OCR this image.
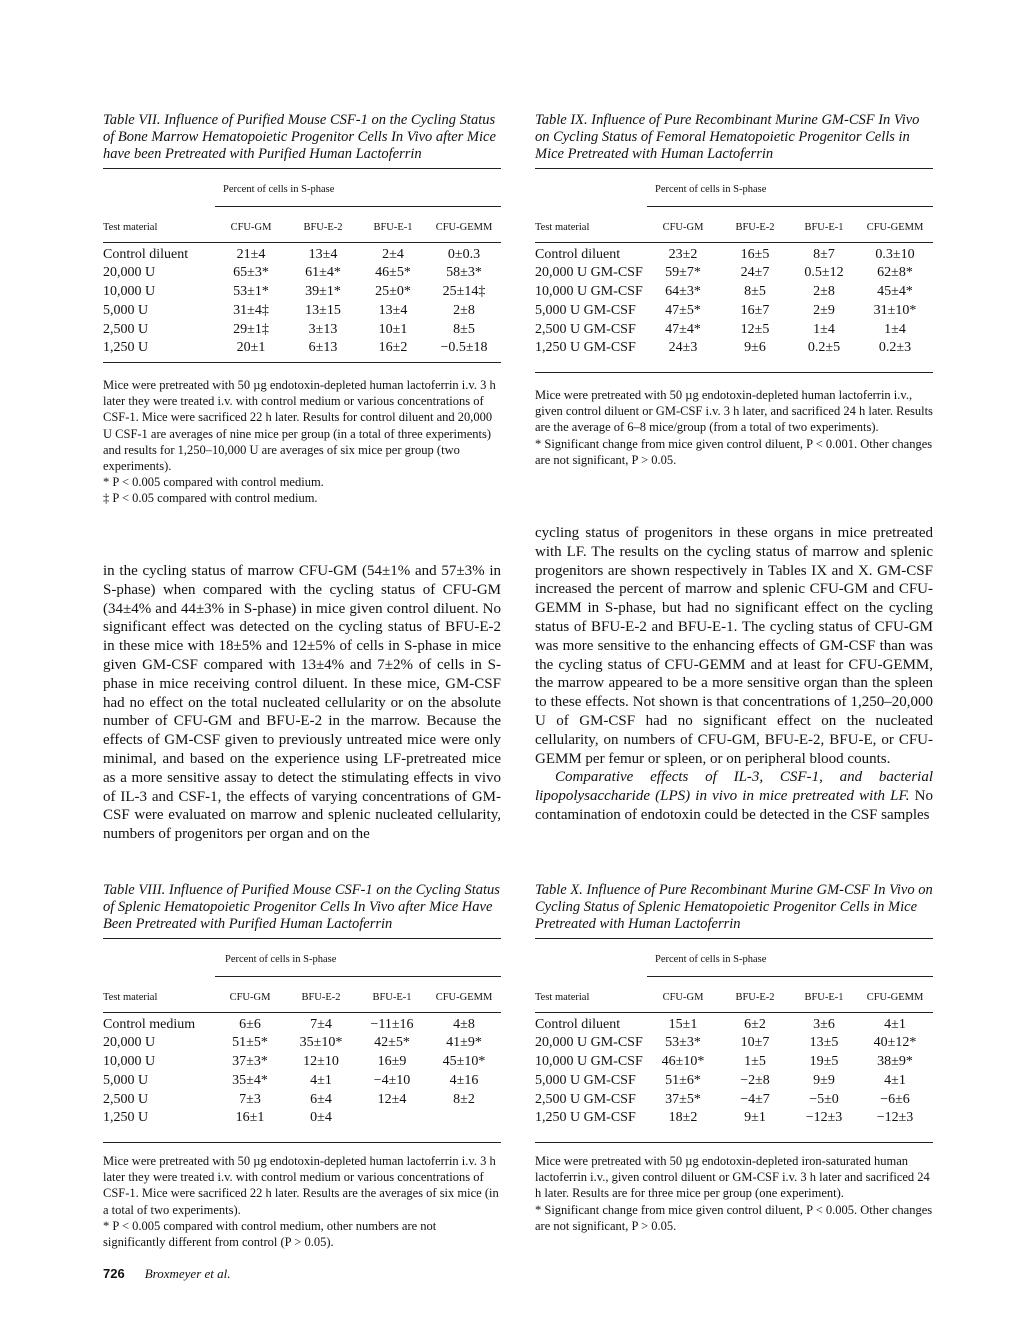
Table VII. Influence of Purified Mouse CSF-1 on the Cycling Status of Bone Marrow Hematopoietic Progenitor Cells In Vivo after Mice have been Pretreated with Purified Human Lactoferrin
	Percent of cells in S-phase			

Test material	CFU-GM	BFU-E-2	BFU-E-1	CFU-GEMM

Control diluent	21±4	13±4	2±4	0±0.3
20,000 U	65±3*	61±4*	46±5*	58±3*
10,000 U	53±1*	39±1*	25±0*	25±14‡
5,000 U	31±4‡	13±15	13±4	2±8
2,500 U	29±1‡	3±13	10±1	8±5
1,250 U	20±1	6±13	16±2	−0.5±18

Mice were pretreated with 50 µg endotoxin-depleted human lactoferrin i.v. 3 h later they were treated i.v. with control medium or various concentrations of CSF-1. Mice were sacrificed 22 h later. Results for control diluent and 20,000 U CSF-1 are averages of nine mice per group (in a total of three experiments) and results for 1,250–10,000 U are averages of six mice per group (two experiments).

* P < 0.005 compared with control medium.

‡ P < 0.05 compared with control medium.

Table IX. Influence of Pure Recombinant Murine GM-CSF In Vivo on Cycling Status of Femoral Hematopoietic Progenitor Cells in Mice Pretreated with Human Lactoferrin
	Percent of cells in S-phase			

Test material	CFU-GM	BFU-E-2	BFU-E-1	CFU-GEMM

Control diluent	23±2	16±5	8±7	0.3±10
20,000 U GM-CSF	59±7*	24±7	0.5±12	62±8*
10,000 U GM-CSF	64±3*	8±5	2±8	45±4*
5,000 U GM-CSF	47±5*	16±7	2±9	31±10*
2,500 U GM-CSF	47±4*	12±5	1±4	1±4
1,250 U GM-CSF	24±3	9±6	0.2±5	0.2±3

Mice were pretreated with 50 µg endotoxin-depleted human lactoferrin i.v., given control diluent or GM-CSF i.v. 3 h later, and sacrificed 24 h later. Results are the average of 6–8 mice/group (from a total of two experiments).

* Significant change from mice given control diluent, P < 0.001. Other changes are not significant, P > 0.05.

in the cycling status of marrow CFU-GM (54±1% and 57±3% in S-phase) when compared with the cycling status of CFU-GM (34±4% and 44±3% in S-phase) in mice given control diluent. No significant effect was detected on the cycling status of BFU-E-2 in these mice with 18±5% and 12±5% of cells in S-phase in mice given GM-CSF compared with 13±4% and 7±2% of cells in S-phase in mice receiving control diluent. In these mice, GM-CSF had no effect on the total nucleated cellularity or on the absolute number of CFU-GM and BFU-E-2 in the marrow. Because the effects of GM-CSF given to previously untreated mice were only minimal, and based on the experience using LF-pretreated mice as a more sensitive assay to detect the stimulating effects in vivo of IL-3 and CSF-1, the effects of varying concentrations of GM-CSF were evaluated on marrow and splenic nucleated cellularity, numbers of progenitors per organ and on the

cycling status of progenitors in these organs in mice pretreated with LF. The results on the cycling status of marrow and splenic progenitors are shown respectively in Tables IX and X. GM-CSF increased the percent of marrow and splenic CFU-GM and CFU-GEMM in S-phase, but had no significant effect on the cycling status of BFU-E-2 and BFU-E-1. The cycling status of CFU-GM was more sensitive to the enhancing effects of GM-CSF than was the cycling status of CFU-GEMM and at least for CFU-GEMM, the marrow appeared to be a more sensitive organ than the spleen to these effects. Not shown is that concentrations of 1,250–20,000 U of GM-CSF had no significant effect on the nucleated cellularity, on numbers of CFU-GM, BFU-E-2, BFU-E, or CFU-GEMM per femur or spleen, or on peripheral blood counts.

Comparative effects of IL-3, CSF-1, and bacterial lipopolysaccharide (LPS) in vivo in mice pretreated with LF. No contamination of endotoxin could be detected in the CSF samples

Table VIII. Influence of Purified Mouse CSF-1 on the Cycling Status of Splenic Hematopoietic Progenitor Cells In Vivo after Mice Have Been Pretreated with Purified Human Lactoferrin
	Percent of cells in S-phase			

Test material	CFU-GM	BFU-E-2	BFU-E-1	CFU-GEMM

Control medium	6±6	7±4	−11±16	4±8
20,000 U	51±5*	35±10*	42±5*	41±9*
10,000 U	37±3*	12±10	16±9	45±10*
5,000 U	35±4*	4±1	−4±10	4±16
2,500 U	7±3	6±4	12±4	8±2
1,250 U	16±1	0±4		

Mice were pretreated with 50 µg endotoxin-depleted human lactoferrin i.v. 3 h later they were treated i.v. with control medium or various concentrations of CSF-1. Mice were sacrificed 22 h later. Results are the averages of six mice (in a total of two experiments).

* P < 0.005 compared with control medium, other numbers are not significantly different from control (P > 0.05).

Table X. Influence of Pure Recombinant Murine GM-CSF In Vivo on Cycling Status of Splenic Hematopoietic Progenitor Cells in Mice Pretreated with Human Lactoferrin
	Percent of cells in S-phase			

Test material	CFU-GM	BFU-E-2	BFU-E-1	CFU-GEMM

Control diluent	15±1	6±2	3±6	4±1
20,000 U GM-CSF	53±3*	10±7	13±5	40±12*
10,000 U GM-CSF	46±10*	1±5	19±5	38±9*
5,000 U GM-CSF	51±6*	−2±8	9±9	4±1
2,500 U GM-CSF	37±5*	−4±7	−5±0	−6±6
1,250 U GM-CSF	18±2	9±1	−12±3	−12±3

Mice were pretreated with 50 µg endotoxin-depleted iron-saturated human lactoferrin i.v., given control diluent or GM-CSF i.v. 3 h later and sacrificed 24 h later. Results are for three mice per group (one experiment).

* Significant change from mice given control diluent, P < 0.005. Other changes are not significant, P > 0.05.

726 Broxmeyer et al.
